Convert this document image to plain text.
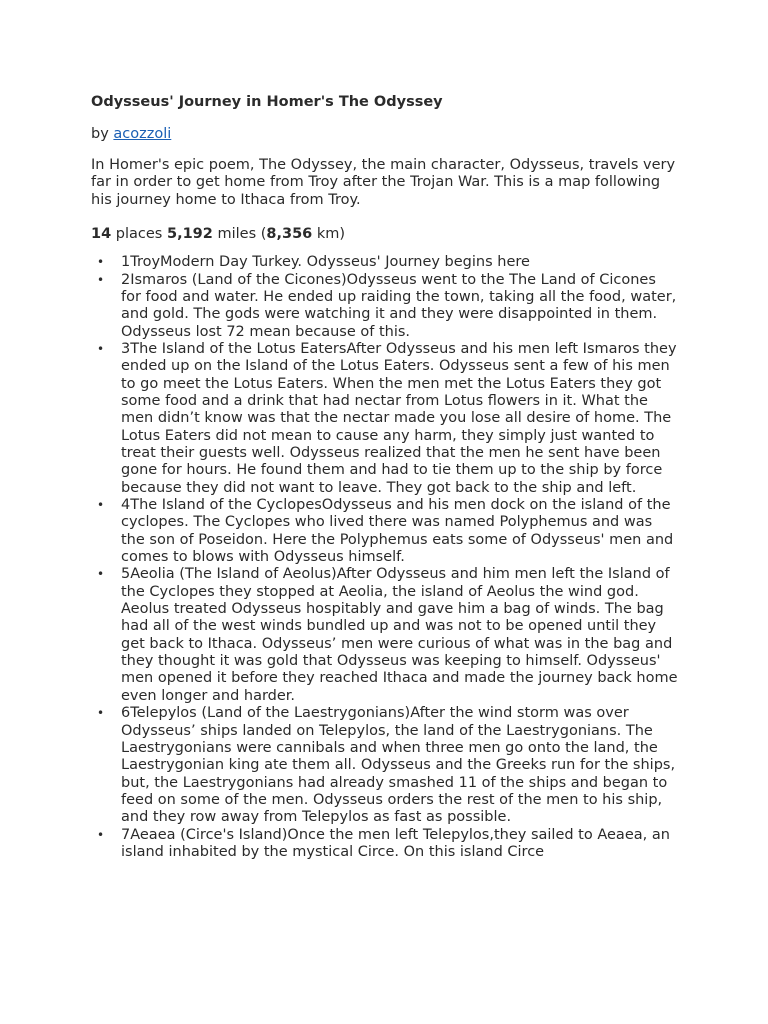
Odysseus' Journey in Homer's The Odyssey
by acozzoli
In Homer's epic poem, The Odyssey, the main character, Odysseus, travels very far in order to get home from Troy after the Trojan War. This is a map following his journey home to Ithaca from Troy.
14 places 5,192 miles (8,356 km)
• 1TroyModern Day Turkey. Odysseus' Journey begins here
• 2Ismaros (Land of the Cicones)Odysseus went to the The Land of Cicones for food and water. He ended up raiding the town, taking all the food, water, and gold. The gods were watching it and they were disappointed in them. Odysseus lost 72 mean because of this.
• 3The Island of the Lotus EatersAfter Odysseus and his men left Ismaros they ended up on the Island of the Lotus Eaters. Odysseus sent a few of his men to go meet the Lotus Eaters. When the men met the Lotus Eaters they got some food and a drink that had nectar from Lotus flowers in it. What the men didn’t know was that the nectar made you lose all desire of home. The Lotus Eaters did not mean to cause any harm, they simply just wanted to treat their guests well. Odysseus realized that the men he sent have been gone for hours. He found them and had to tie them up to the ship by force because they did not want to leave. They got back to the ship and left.
• 4The Island of the CyclopesOdysseus and his men dock on the island of the cyclopes. The Cyclopes who lived there was named Polyphemus and was the son of Poseidon. Here the Polyphemus eats some of Odysseus' men and comes to blows with Odysseus himself.
• 5Aeolia (The Island of Aeolus)After Odysseus and him men left the Island of the Cyclopes they stopped at Aeolia, the island of Aeolus the wind god. Aeolus treated Odysseus hospitably and gave him a bag of winds. The bag had all of the west winds bundled up and was not to be opened until they get back to Ithaca. Odysseus’ men were curious of what was in the bag and they thought it was gold that Odysseus was keeping to himself. Odysseus' men opened it before they reached Ithaca and made the journey back home even longer and harder.
• 6Telepylos (Land of the Laestrygonians)After the wind storm was over Odysseus’ ships landed on Telepylos, the land of the Laestrygonians. The Laestrygonians were cannibals and when three men go onto the land, the Laestrygonian king ate them all. Odysseus and the Greeks run for the ships, but, the Laestrygonians had already smashed 11 of the ships and began to feed on some of the men. Odysseus orders the rest of the men to his ship, and they row away from Telepylos as fast as possible.
• 7Aeaea (Circe's Island)Once the men left Telepylos,they sailed to Aeaea, an island inhabited by the mystical Circe. On this island Circe
